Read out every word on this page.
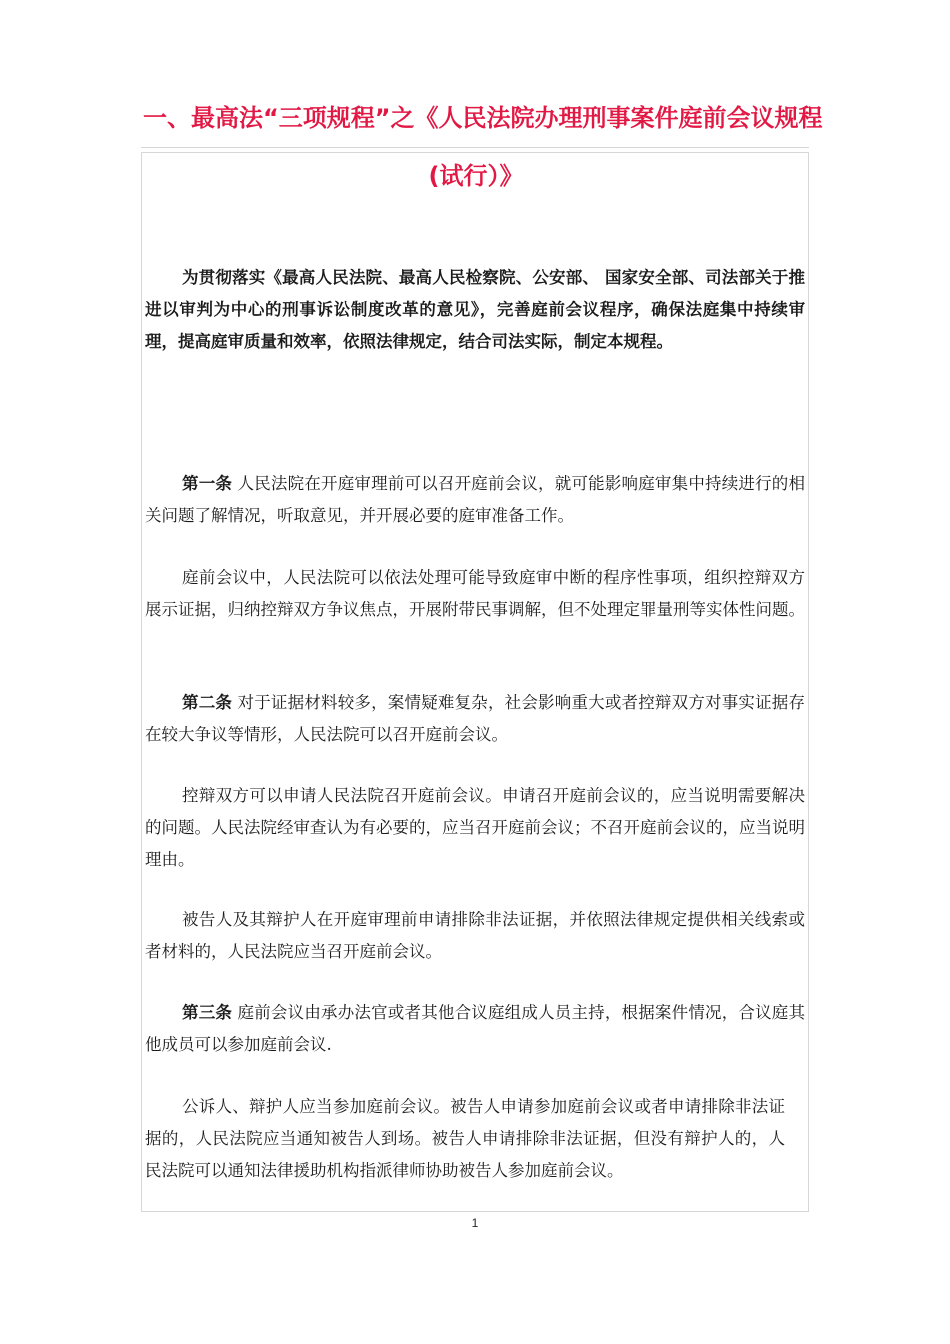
一、最高法“三项规程”之《人民法院办理刑事案件庭前会议规程
(试行）》

为贯彻落实《最高人民法院、最高人民检察院、公安部、 国家安全部、司法部关于推进以审判为中心的刑事诉讼制度改革的意见》，完善庭前会议程序，确保法庭集中持续审理，提高庭审质量和效率，依照法律规定，结合司法实际，制定本规程。

第一条 人民法院在开庭审理前可以召开庭前会议，就可能影响庭审集中持续进行的相关问题了解情况，听取意见，并开展必要的庭审准备工作。

庭前会议中，人民法院可以依法处理可能导致庭审中断的程序性事项，组织控辩双方展示证据，归纳控辩双方争议焦点，开展附带民事调解，但不处理定罪量刑等实体性问题。

第二条 对于证据材料较多，案情疑难复杂，社会影响重大或者控辩双方对事实证据存在较大争议等情形，人民法院可以召开庭前会议。

控辩双方可以申请人民法院召开庭前会议。申请召开庭前会议的，应当说明需要解决的问题。人民法院经审查认为有必要的，应当召开庭前会议；不召开庭前会议的，应当说明理由。

被告人及其辩护人在开庭审理前申请排除非法证据，并依照法律规定提供相关线索或者材料的，人民法院应当召开庭前会议。

第三条 庭前会议由承办法官或者其他合议庭组成人员主持，根据案件情况，合议庭其他成员可以参加庭前会议.

公诉人、辩护人应当参加庭前会议。被告人申请参加庭前会议或者申请排除非法证据的，人民法院应当通知被告人到场。被告人申请排除非法证据，但没有辩护人的，人民法院可以通知法律援助机构指派律师协助被告人参加庭前会议。

1
